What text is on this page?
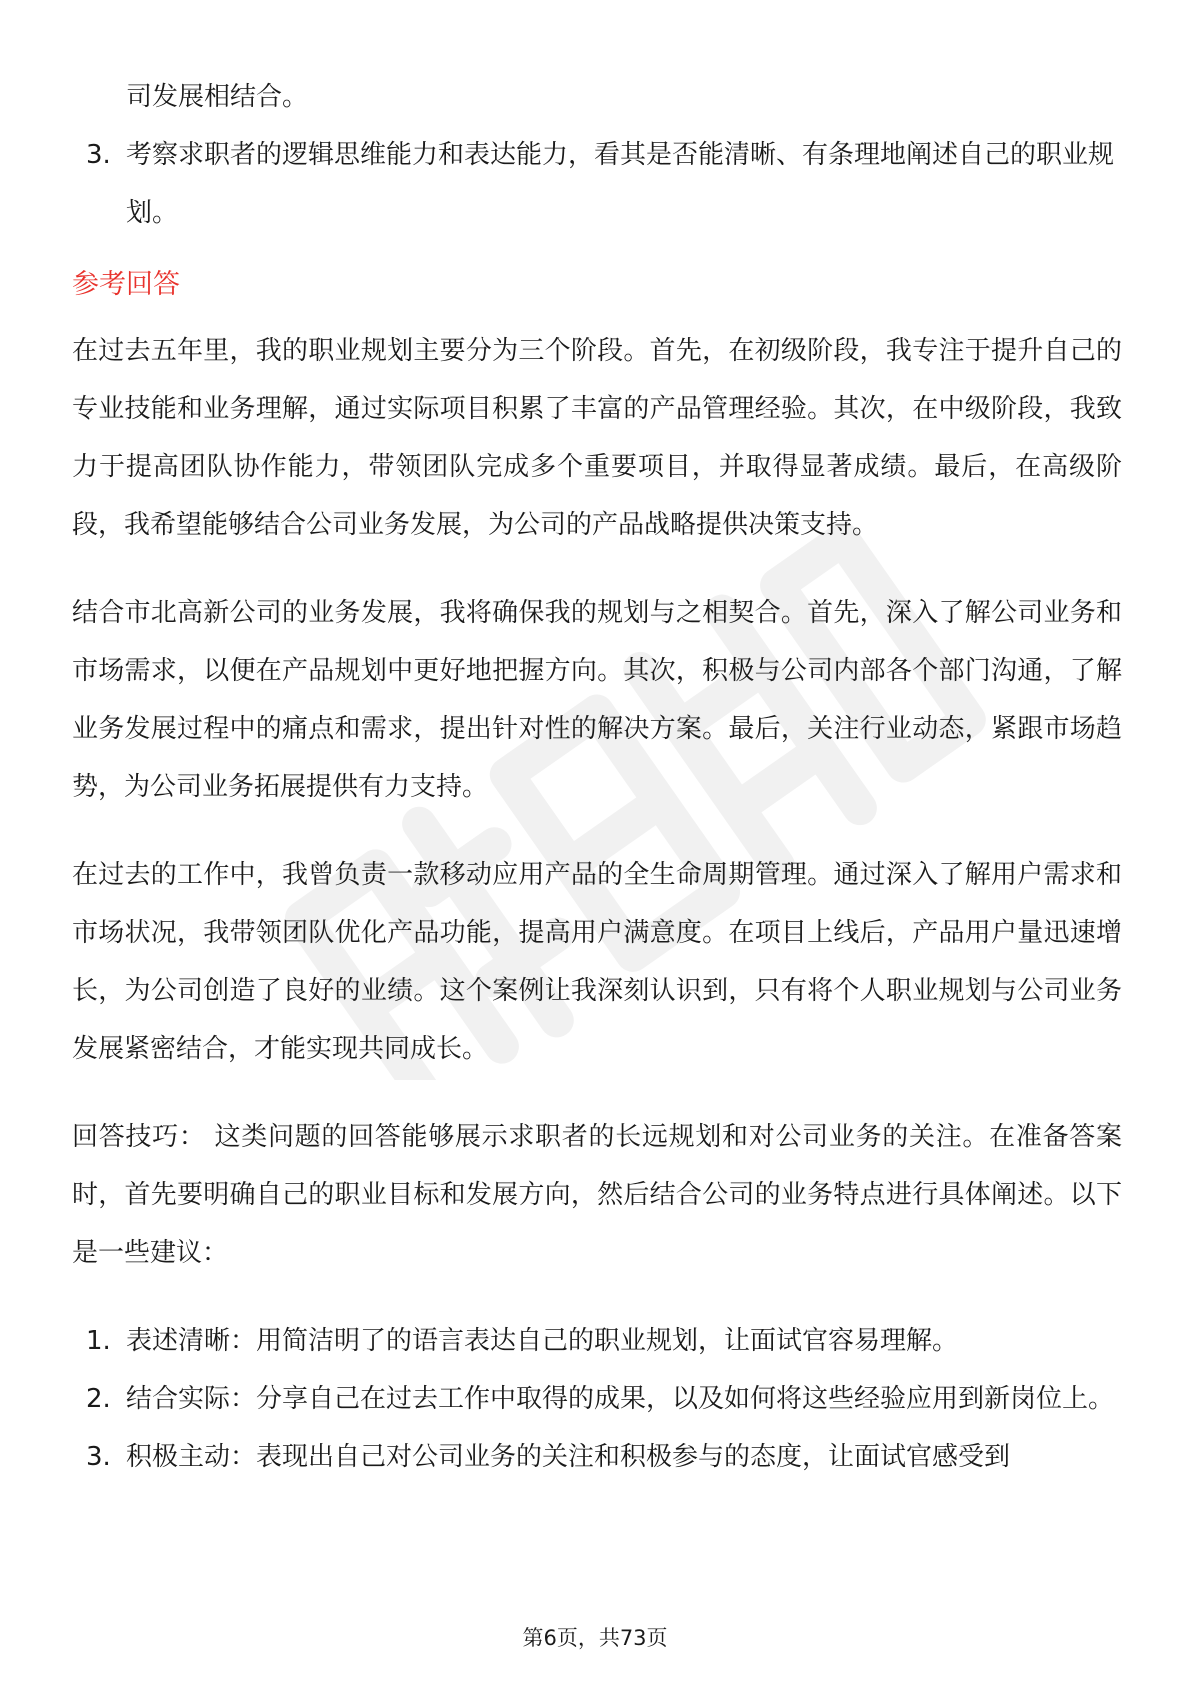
司发展相结合。

3. 考察求职者的逻辑思维能力和表达能力，看其是否能清晰、有条理地阐述自己的职业规划。
参考回答

在过去五年里，我的职业规划主要分为三个阶段。首先，在初级阶段，我专注于提升自己的专业技能和业务理解，通过实际项目积累了丰富的产品管理经验。其次，在中级阶段，我致力于提高团队协作能力，带领团队完成多个重要项目，并取得显著成绩。最后，在高级阶段，我希望能够结合公司业务发展，为公司的产品战略提供决策支持。

结合市北高新公司的业务发展，我将确保我的规划与之相契合。首先，深入了解公司业务和市场需求，以便在产品规划中更好地把握方向。其次，积极与公司内部各个部门沟通，了解业务发展过程中的痛点和需求，提出针对性的解决方案。最后，关注行业动态，紧跟市场趋势，为公司业务拓展提供有力支持。

在过去的工作中，我曾负责一款移动应用产品的全生命周期管理。通过深入了解用户需求和市场状况，我带领团队优化产品功能，提高用户满意度。在项目上线后，产品用户量迅速增长，为公司创造了良好的业绩。这个案例让我深刻认识到，只有将个人职业规划与公司业务发展紧密结合，才能实现共同成长。

回答技巧： 这类问题的回答能够展示求职者的长远规划和对公司业务的关注。在准备答案时，首先要明确自己的职业目标和发展方向，然后结合公司的业务特点进行具体阐述。以下是一些建议：

1. 表述清晰：用简洁明了的语言表达自己的职业规划，让面试官容易理解。
2. 结合实际：分享自己在过去工作中取得的成果，以及如何将这些经验应用到新岗位上。
3. 积极主动：表现出自己对公司业务的关注和积极参与的态度，让面试官感受到
第6页，共73页
